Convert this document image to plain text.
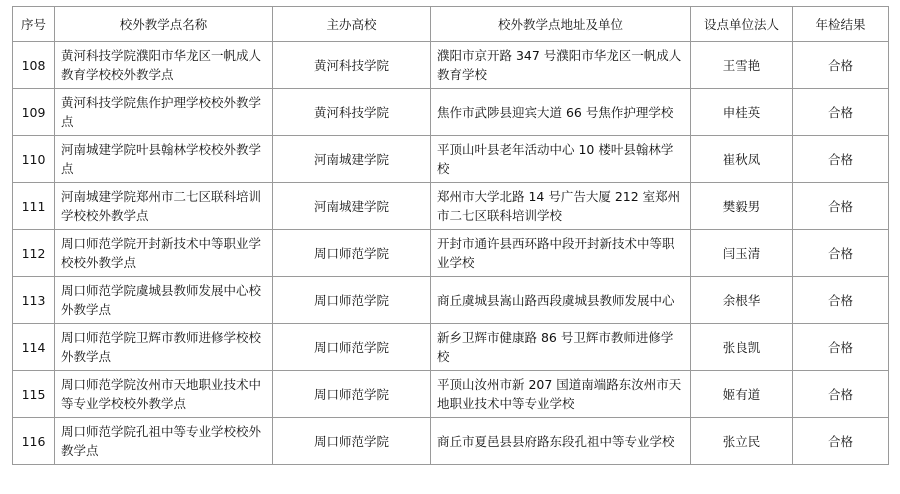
序号	校外教学点名称	主办高校	校外教学点地址及单位	设点单位法人	年检结果
108	黄河科技学院濮阳市华龙区一帆成人教育学校校外教学点	黄河科技学院	濮阳市京开路 347 号濮阳市华龙区一帆成人教育学校	王雪艳	合格
109	黄河科技学院焦作护理学校校外教学点	黄河科技学院	焦作市武陟县迎宾大道 66 号焦作护理学校	申桂英	合格
110	河南城建学院叶县翰林学校校外教学点	河南城建学院	平顶山叶县老年活动中心 10 楼叶县翰林学校	崔秋凤	合格
111	河南城建学院郑州市二七区联科培训学校校外教学点	河南城建学院	郑州市大学北路 14 号广告大厦 212 室郑州市二七区联科培训学校	樊毅男	合格
112	周口师范学院开封新技术中等职业学校校外教学点	周口师范学院	开封市通许县西环路中段开封新技术中等职业学校	闫玉清	合格
113	周口师范学院虞城县教师发展中心校外教学点	周口师范学院	商丘虞城县嵩山路西段虞城县教师发展中心	余根华	合格
114	周口师范学院卫辉市教师进修学校校外教学点	周口师范学院	新乡卫辉市健康路 86 号卫辉市教师进修学校	张良凯	合格
115	周口师范学院汝州市天地职业技术中等专业学校校外教学点	周口师范学院	平顶山汝州市新 207 国道南端路东汝州市天地职业技术中等专业学校	姬有道	合格
116	周口师范学院孔祖中等专业学校校外教学点	周口师范学院	商丘市夏邑县县府路东段孔祖中等专业学校	张立民	合格
